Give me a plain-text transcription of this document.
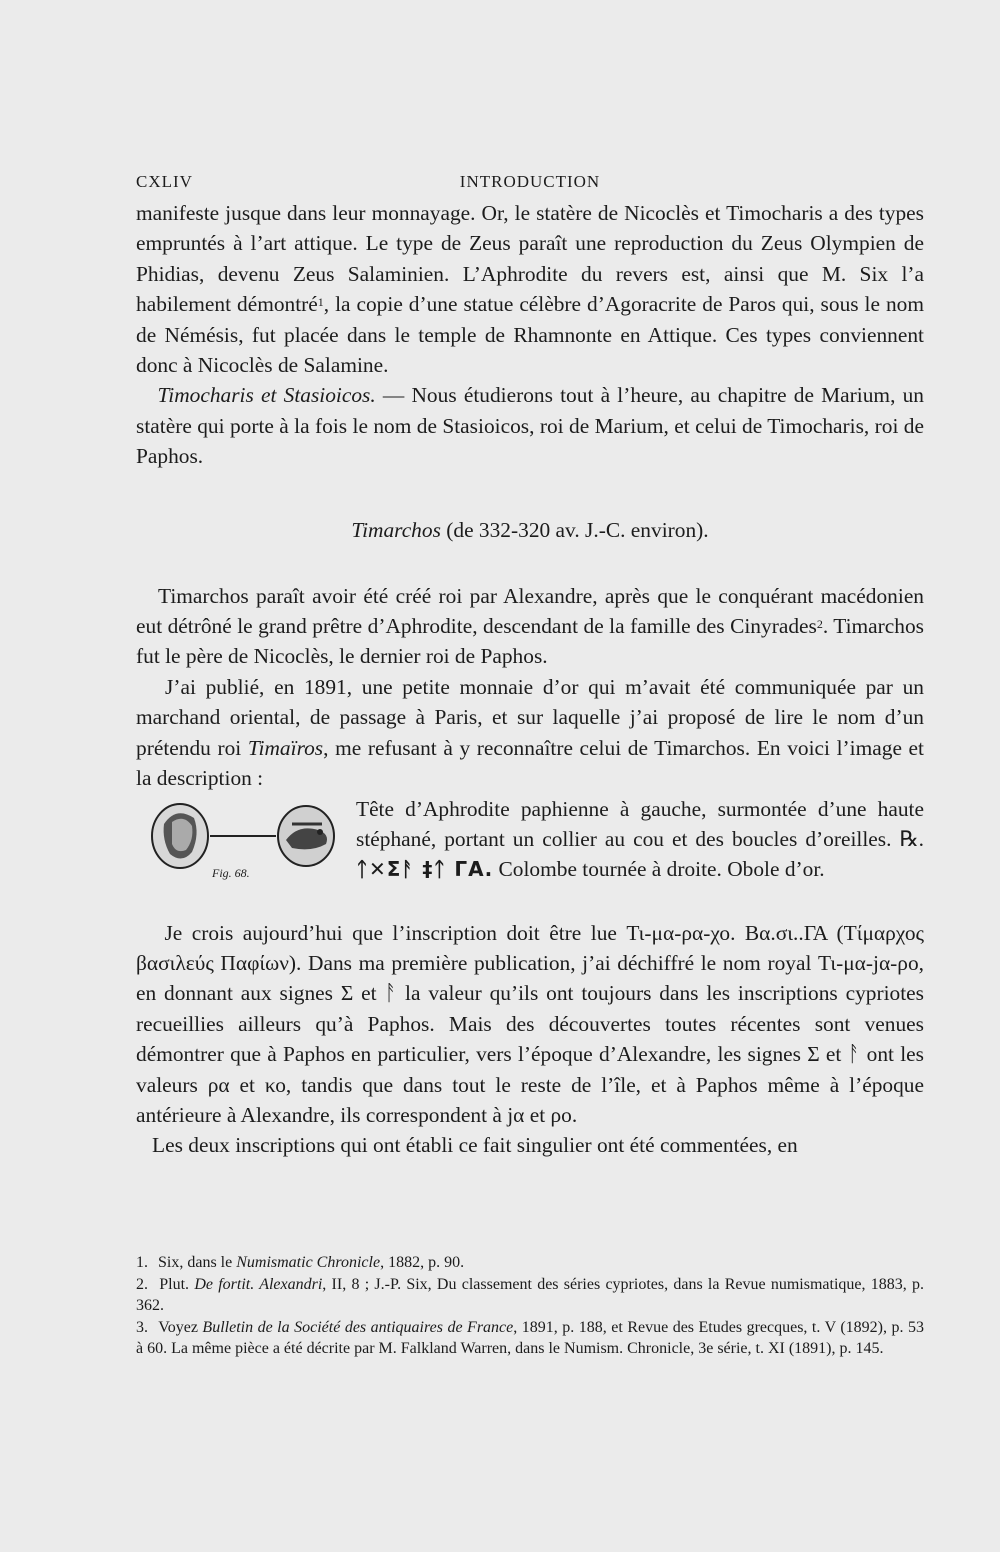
CXLIV	INTRODUCTION

manifeste jusque dans leur monnayage. Or, le statère de Nicoclès et Timocharis a des types empruntés à l’art attique. Le type de Zeus paraît une reproduction du Zeus Olympien de Phidias, devenu Zeus Salaminien. L’Aphrodite du revers est, ainsi que M. Six l’a habilement démontré$^1$, la copie d’une statue célèbre d’Agoracrite de Paros qui, sous le nom de Némésis, fut placée dans le temple de Rhamnonte en Attique. Ces types conviennent donc à Nicoclès de Salamine.

Timocharis et Stasioicos. — Nous étudierons tout à l’heure, au chapitre de Marium, un statère qui porte à la fois le nom de Stasioicos, roi de Marium, et celui de Timocharis, roi de Paphos.

Timarchos (de 332-320 av. J.-C. environ).

Timarchos paraît avoir été créé roi par Alexandre, après que le conquérant macédonien eut détrôné le grand prêtre d’Aphrodite, descendant de la famille des Cinyrades$^2$. Timarchos fut le père de Nicoclès, le dernier roi de Paphos.

J’ai publié, en 1891, une petite monnaie d’or qui m’avait été communiquée par un marchand oriental, de passage à Paris, et sur laquelle j’ai proposé de lire le nom d’un prétendu roi Timaïros, me refusant à y reconnaître celui de Timarchos. En voici l’image et la description :

Fig. 68.
Tête d’Aphrodite paphienne à gauche, surmontée d’une haute stéphané, portant un collier au cou et des boucles d’oreilles. ℞. ᛏ✕Σᚨ ‡ᛏ ΓΑ. Colombe tournée à droite. Obole d’or.

Je crois aujourd’hui que l’inscription doit être lue Τι-μα-ρα-χο. Βα.σι..ΓΑ (Τίμαρχος βασιλεύς Παφίων). Dans ma première publication, j’ai déchiffré le nom royal Τι-μα-ϳα-ρο, en donnant aux signes Σ et ᚨ la valeur qu’ils ont toujours dans les inscriptions cypriotes recueillies ailleurs qu’à Paphos. Mais des découvertes toutes récentes sont venues démontrer que à Paphos en particulier, vers l’époque d’Alexandre, les signes Σ et ᚨ ont les valeurs ρα et κο, tandis que dans tout le reste de l’île, et à Paphos même à l’époque antérieure à Alexandre, ils correspondent à ϳα et ρο.

Les deux inscriptions qui ont établi ce fait singulier ont été commentées, en

1. Six, dans le Numismatic Chronicle, 1882, p. 90.

2. Plut. De fortit. Alexandri, II, 8 ; J.-P. Six, Du classement des séries cypriotes, dans la Revue numismatique, 1883, p. 362.

3. Voyez Bulletin de la Société des antiquaires de France, 1891, p. 188, et Revue des Etudes grecques, t. V (1892), p. 53 à 60. La même pièce a été décrite par M. Falkland Warren, dans le Numism. Chronicle, 3e série, t. XI (1891), p. 145.
